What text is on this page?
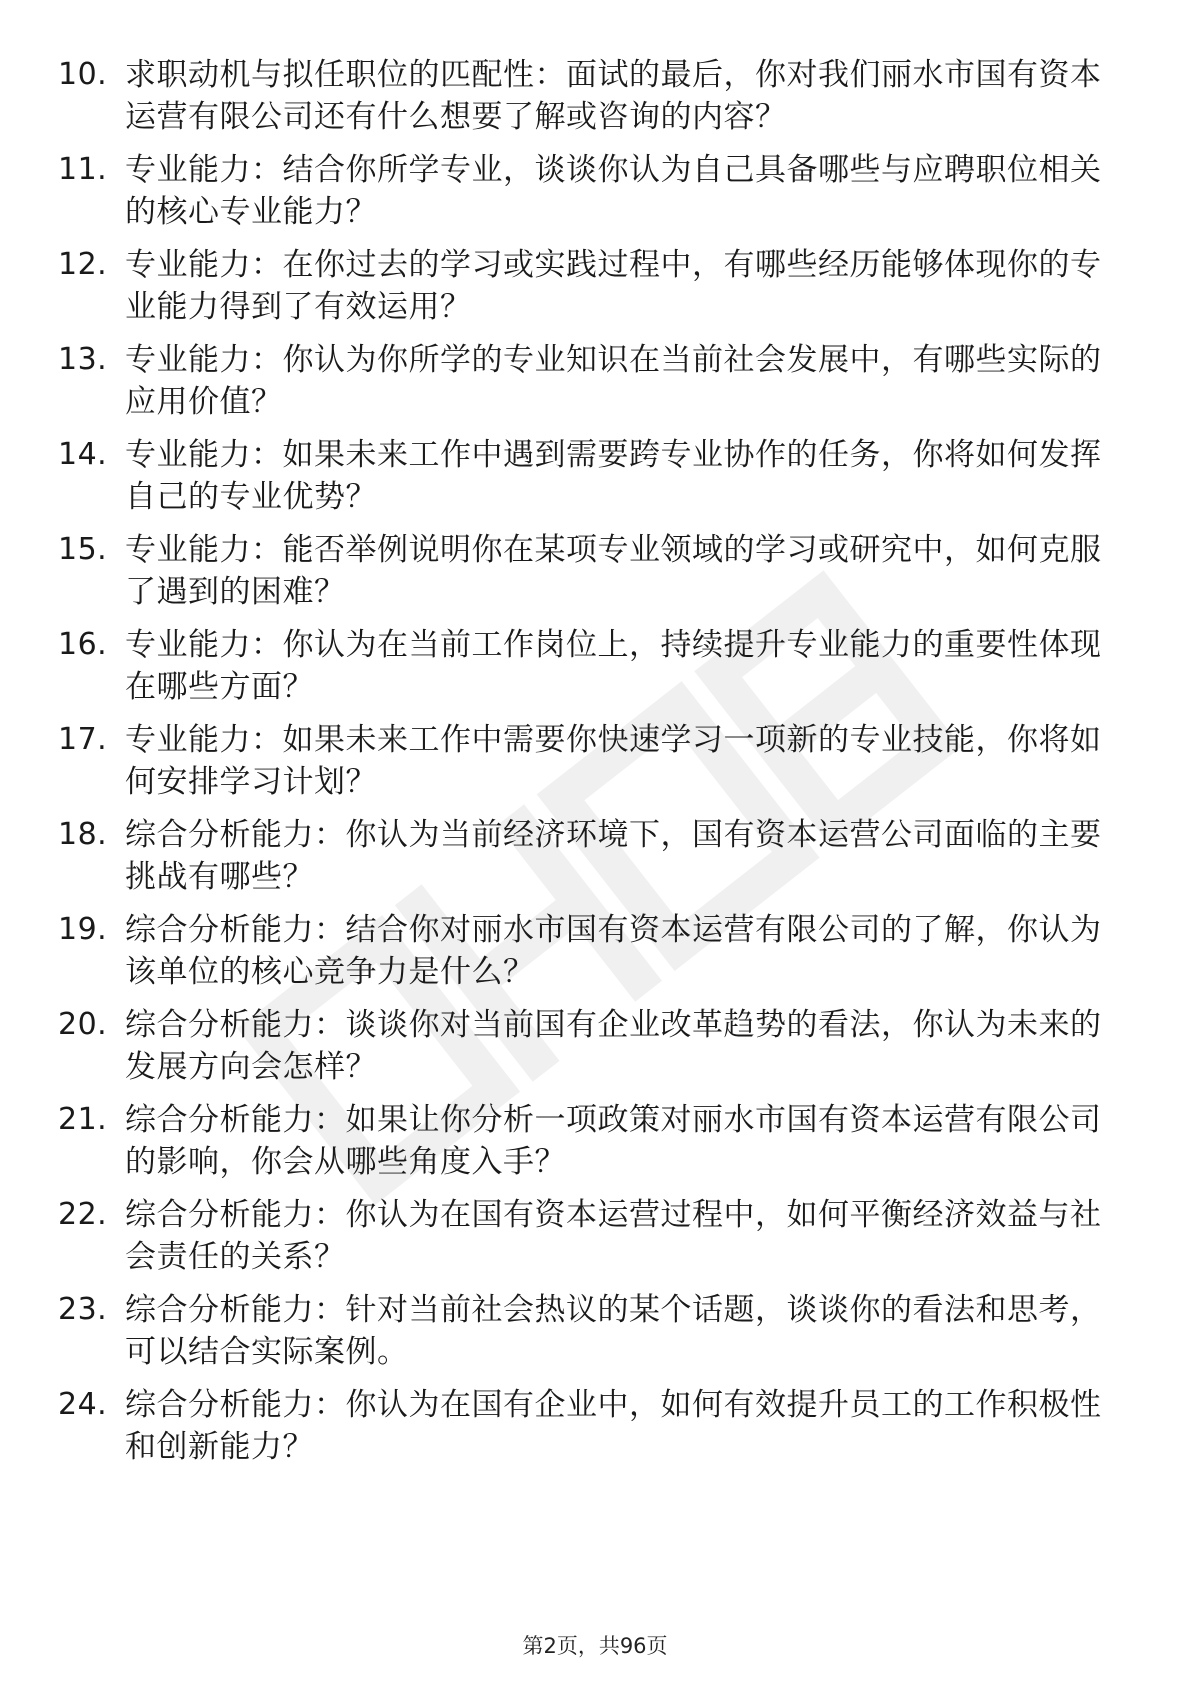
10. 求职动机与拟任职位的匹配性：面试的最后，你对我们丽水市国有资本运营有限公司还有什么想要了解或咨询的内容？
11. 专业能力：结合你所学专业，谈谈你认为自己具备哪些与应聘职位相关的核心专业能力？
12. 专业能力：在你过去的学习或实践过程中，有哪些经历能够体现你的专业能力得到了有效运用？
13. 专业能力：你认为你所学的专业知识在当前社会发展中，有哪些实际的应用价值？
14. 专业能力：如果未来工作中遇到需要跨专业协作的任务，你将如何发挥自己的专业优势？
15. 专业能力：能否举例说明你在某项专业领域的学习或研究中，如何克服了遇到的困难？
16. 专业能力：你认为在当前工作岗位上，持续提升专业能力的重要性体现在哪些方面？
17. 专业能力：如果未来工作中需要你快速学习一项新的专业技能，你将如何安排学习计划？
18. 综合分析能力：你认为当前经济环境下，国有资本运营公司面临的主要挑战有哪些？
19. 综合分析能力：结合你对丽水市国有资本运营有限公司的了解，你认为该单位的核心竞争力是什么？
20. 综合分析能力：谈谈你对当前国有企业改革趋势的看法，你认为未来的发展方向会怎样？
21. 综合分析能力：如果让你分析一项政策对丽水市国有资本运营有限公司的影响，你会从哪些角度入手？
22. 综合分析能力：你认为在国有资本运营过程中，如何平衡经济效益与社会责任的关系？
23. 综合分析能力：针对当前社会热议的某个话题，谈谈你的看法和思考，可以结合实际案例。
24. 综合分析能力：你认为在国有企业中，如何有效提升员工的工作积极性和创新能力？
第2页，共96页
